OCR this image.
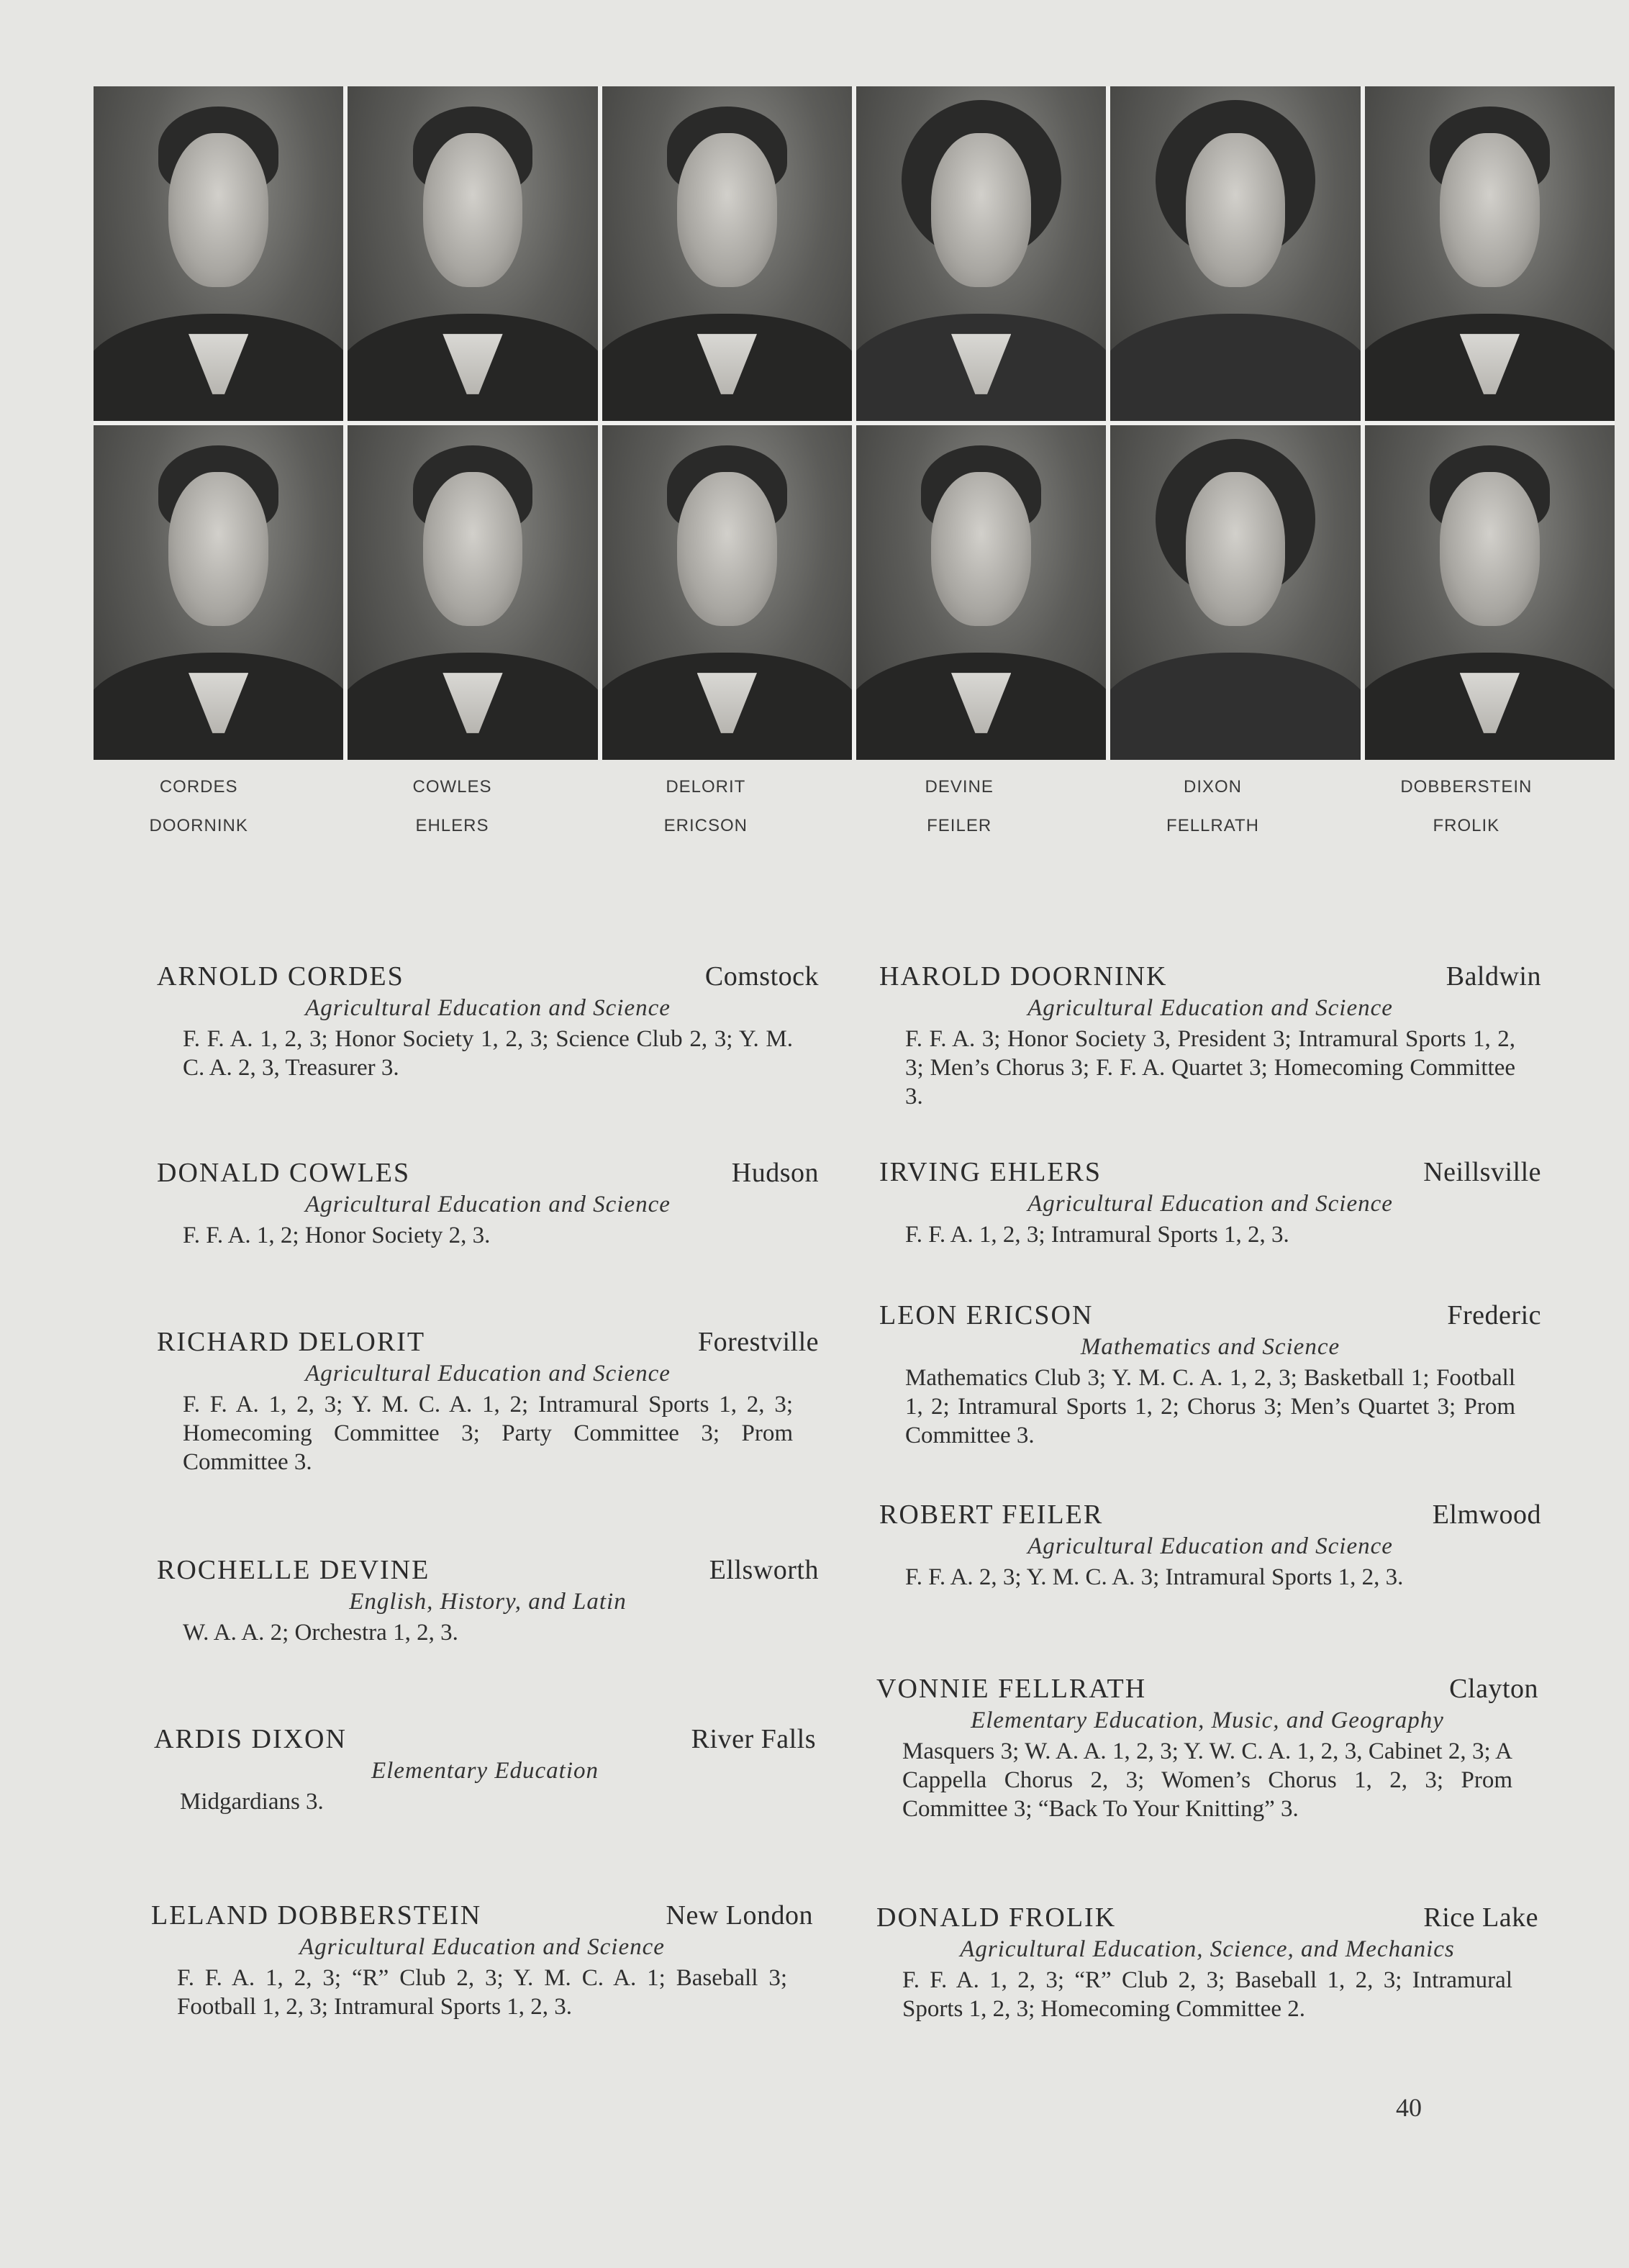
CORDES	COWLES	DELORIT	DEVINE	DIXON	DOBBERSTEIN
DOORNINK	EHLERS	ERICSON	FEILER	FELLRATH	FROLIK
ARNOLD CORDES	Comstock
Agricultural Education and Science
F. F. A. 1, 2, 3; Honor Society 1, 2, 3; Science Club 2, 3; Y. M. C. A. 2, 3, Treasurer 3.
DONALD COWLES	Hudson
Agricultural Education and Science
F. F. A. 1, 2; Honor Society 2, 3.
RICHARD DELORIT	Forestville
Agricultural Education and Science
F. F. A. 1, 2, 3; Y. M. C. A. 1, 2; Intramural Sports 1, 2, 3; Homecoming Committee 3; Party Committee 3; Prom Committee 3.
ROCHELLE DEVINE	Ellsworth
English, History, and Latin
W. A. A. 2; Orchestra 1, 2, 3.
ARDIS DIXON	River Falls
Elementary Education
Midgardians 3.
LELAND DOBBERSTEIN	New London
Agricultural Education and Science
F. F. A. 1, 2, 3; “R” Club 2, 3; Y. M. C. A. 1; Baseball 3; Football 1, 2, 3; Intramural Sports 1, 2, 3.
HAROLD DOORNINK	Baldwin
Agricultural Education and Science
F. F. A. 3; Honor Society 3, President 3; Intramural Sports 1, 2, 3; Men’s Chorus 3; F. F. A. Quartet 3; Homecoming Committee 3.
IRVING EHLERS	Neillsville
Agricultural Education and Science
F. F. A. 1, 2, 3; Intramural Sports 1, 2, 3.
LEON ERICSON	Frederic
Mathematics and Science
Mathematics Club 3; Y. M. C. A. 1, 2, 3; Basketball 1; Football 1, 2; Intramural Sports 1, 2; Chorus 3; Men’s Quartet 3; Prom Committee 3.
ROBERT FEILER	Elmwood
Agricultural Education and Science
F. F. A. 2, 3; Y. M. C. A. 3; Intramural Sports 1, 2, 3.
VONNIE FELLRATH	Clayton
Elementary Education, Music, and Geography
Masquers 3; W. A. A. 1, 2, 3; Y. W. C. A. 1, 2, 3, Cabinet 2, 3; A Cappella Chorus 2, 3; Women’s Chorus 1, 2, 3; Prom Committee 3; “Back To Your Knitting” 3.
DONALD FROLIK	Rice Lake
Agricultural Education, Science, and Mechanics
F. F. A. 1, 2, 3; “R” Club 2, 3; Baseball 1, 2, 3; Intramural Sports 1, 2, 3; Homecoming Committee 2.
40
